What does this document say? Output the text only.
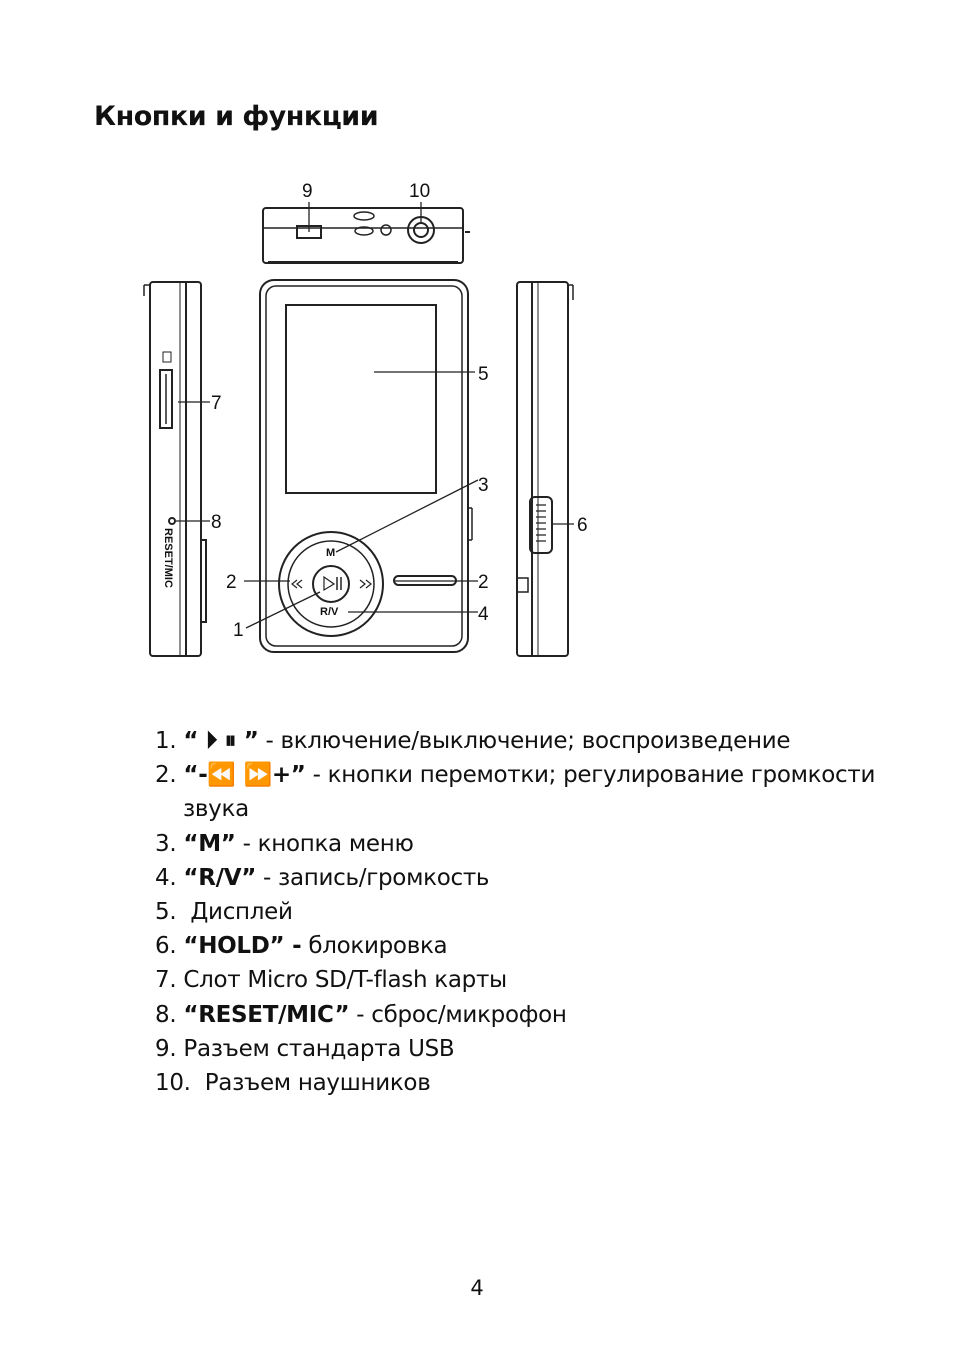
Кнопки и функции
9	10
7
8
5
3
2	2
4
1
6
M
R/V
RESET/MIC
1. “ ⏵ ⏸ ” - включение/выключение; воспроизведение
2. “-⏪ ⏩+” - кнопки перемотки; регулирование громкости
звука
3. “M” - кнопка меню
4. “R/V” - запись/громкость
5.  Дисплей
6. “HOLD” - блокировка
7. Слот Micro SD/T-flash карты
8. “RESET/MIC” - сброс/микрофон
9. Разъем стандарта USB
10.  Разъем наушников
4
